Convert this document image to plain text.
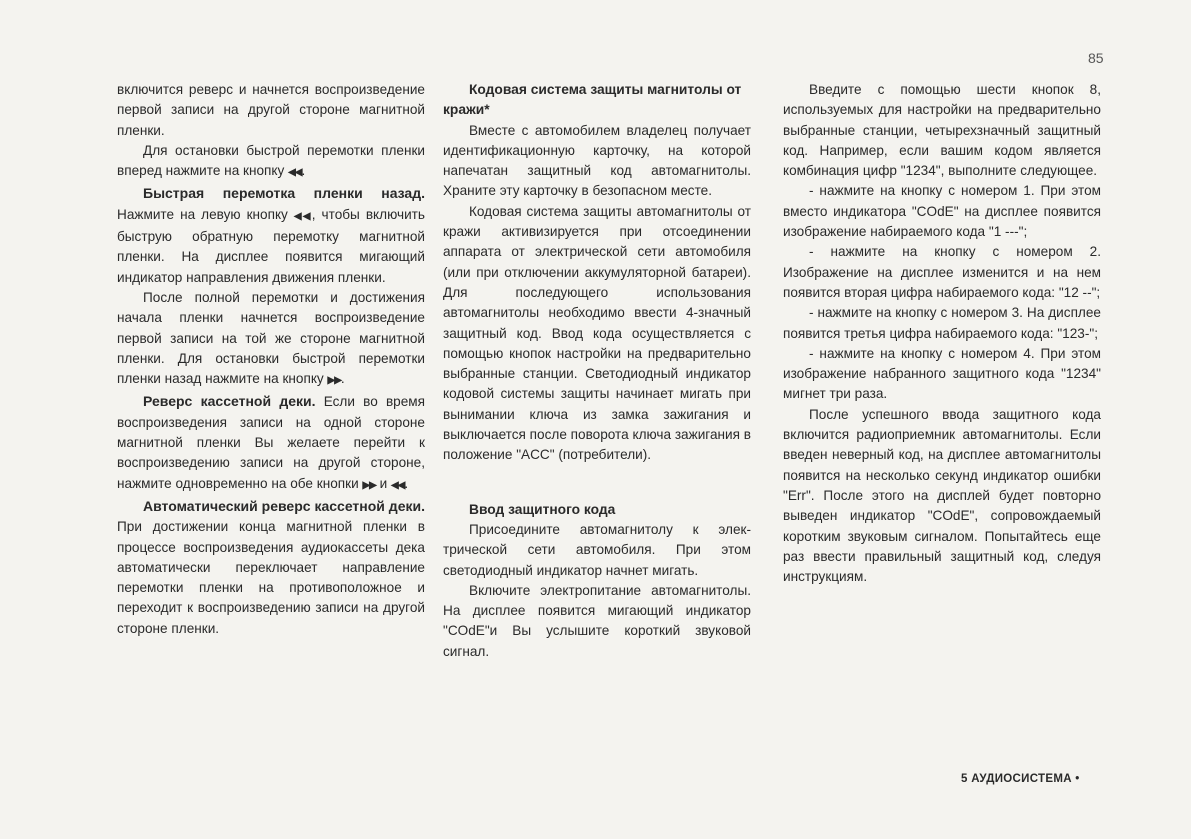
85

включится реверс и начнется воспроизведение первой записи на другой стороне магнитной пленки.

Для остановки быстрой перемотки пленки вперед нажмите на кнопку ◀◀.

Быстрая перемотка пленки назад. Нажмите на левую кнопку ◀◀, чтобы включить быструю обратную перемотку магнитной пленки. На дисплее появится мигающий индикатор направления движения пленки.

После полной перемотки и достижения начала пленки начнется воспроизведение первой записи на той же стороне магнитной пленки. Для остановки быстрой перемотки пленки назад нажмите на кнопку ▶▶.

Реверс кассетной деки. Если во время воспроизведения записи на одной стороне магнитной пленки Вы желаете перейти к воспроизведению записи на другой стороне, нажмите одновременно на обе кнопки ▶▶ и ◀◀.

Автоматический реверс кассетной деки. При достижении конца магнитной пленки в процессе воспроизведения аудиокассеты дека автоматически переключает направление перемотки пленки на противоположное и переходит к воспроизведению записи на другой стороне пленки.

Кодовая система защиты магнитолы от кражи*

Вместе с автомобилем владелец получает идентификационную карточку, на которой напечатан защитный код автомагнитолы. Храните эту карточку в безопасном месте.

Кодовая система защиты автомагнитолы от кражи активизируется при отсоединении аппарата от электрической сети автомобиля (или при отключении аккумуляторной батареи). Для последующего использования автомагнитолы необходимо ввести 4-значный защитный код. Ввод кода осуществляется с помощью кнопок настройки на предварительно выбранные станции. Светодиодный индикатор кодовой системы защиты начинает мигать при вынимании ключа из замка зажигания и выключается после поворота ключа зажигания в положение "ACC" (потребители).

Ввод защитного кода

Присоедините автомагнитолу к электрической сети автомобиля. При этом светодиодный индикатор начнет мигать.

Включите электропитание автомагнитолы. На дисплее появится мигающий индикатор "COdE"и Вы услышите короткий звуковой сигнал.

Введите с помощью шести кнопок 8, используемых для настройки на предварительно выбранные станции, четырехзначный защитный код. Например, если вашим кодом является комбинация цифр "1234", выполните следующее.

- нажмите на кнопку с номером 1. При этом вместо индикатора "COdE" на дисплее появится изображение набираемого кода "1 ---";

- нажмите на кнопку с номером 2. Изображение на дисплее изменится и на нем появится вторая цифра набираемого кода: "12 --";

- нажмите на кнопку с номером 3. На дисплее появится третья цифра набираемого кода: "123-";

- нажмите на кнопку с номером 4. При этом изображение набранного защитного кода "1234" мигнет три раза.

После успешного ввода защитного кода включится радиоприемник автомагнитолы. Если введен неверный код, на дисплее автомагнитолы появится на несколько секунд индикатор ошибки "Err". После этого на дисплей будет повторно выведен индикатор "COdE", сопровождаемый коротким звуковым сигналом. Попытайтесь еще раз ввести правильный защитный код, следуя инструкциям.

5 АУДИОСИСТЕМА •
